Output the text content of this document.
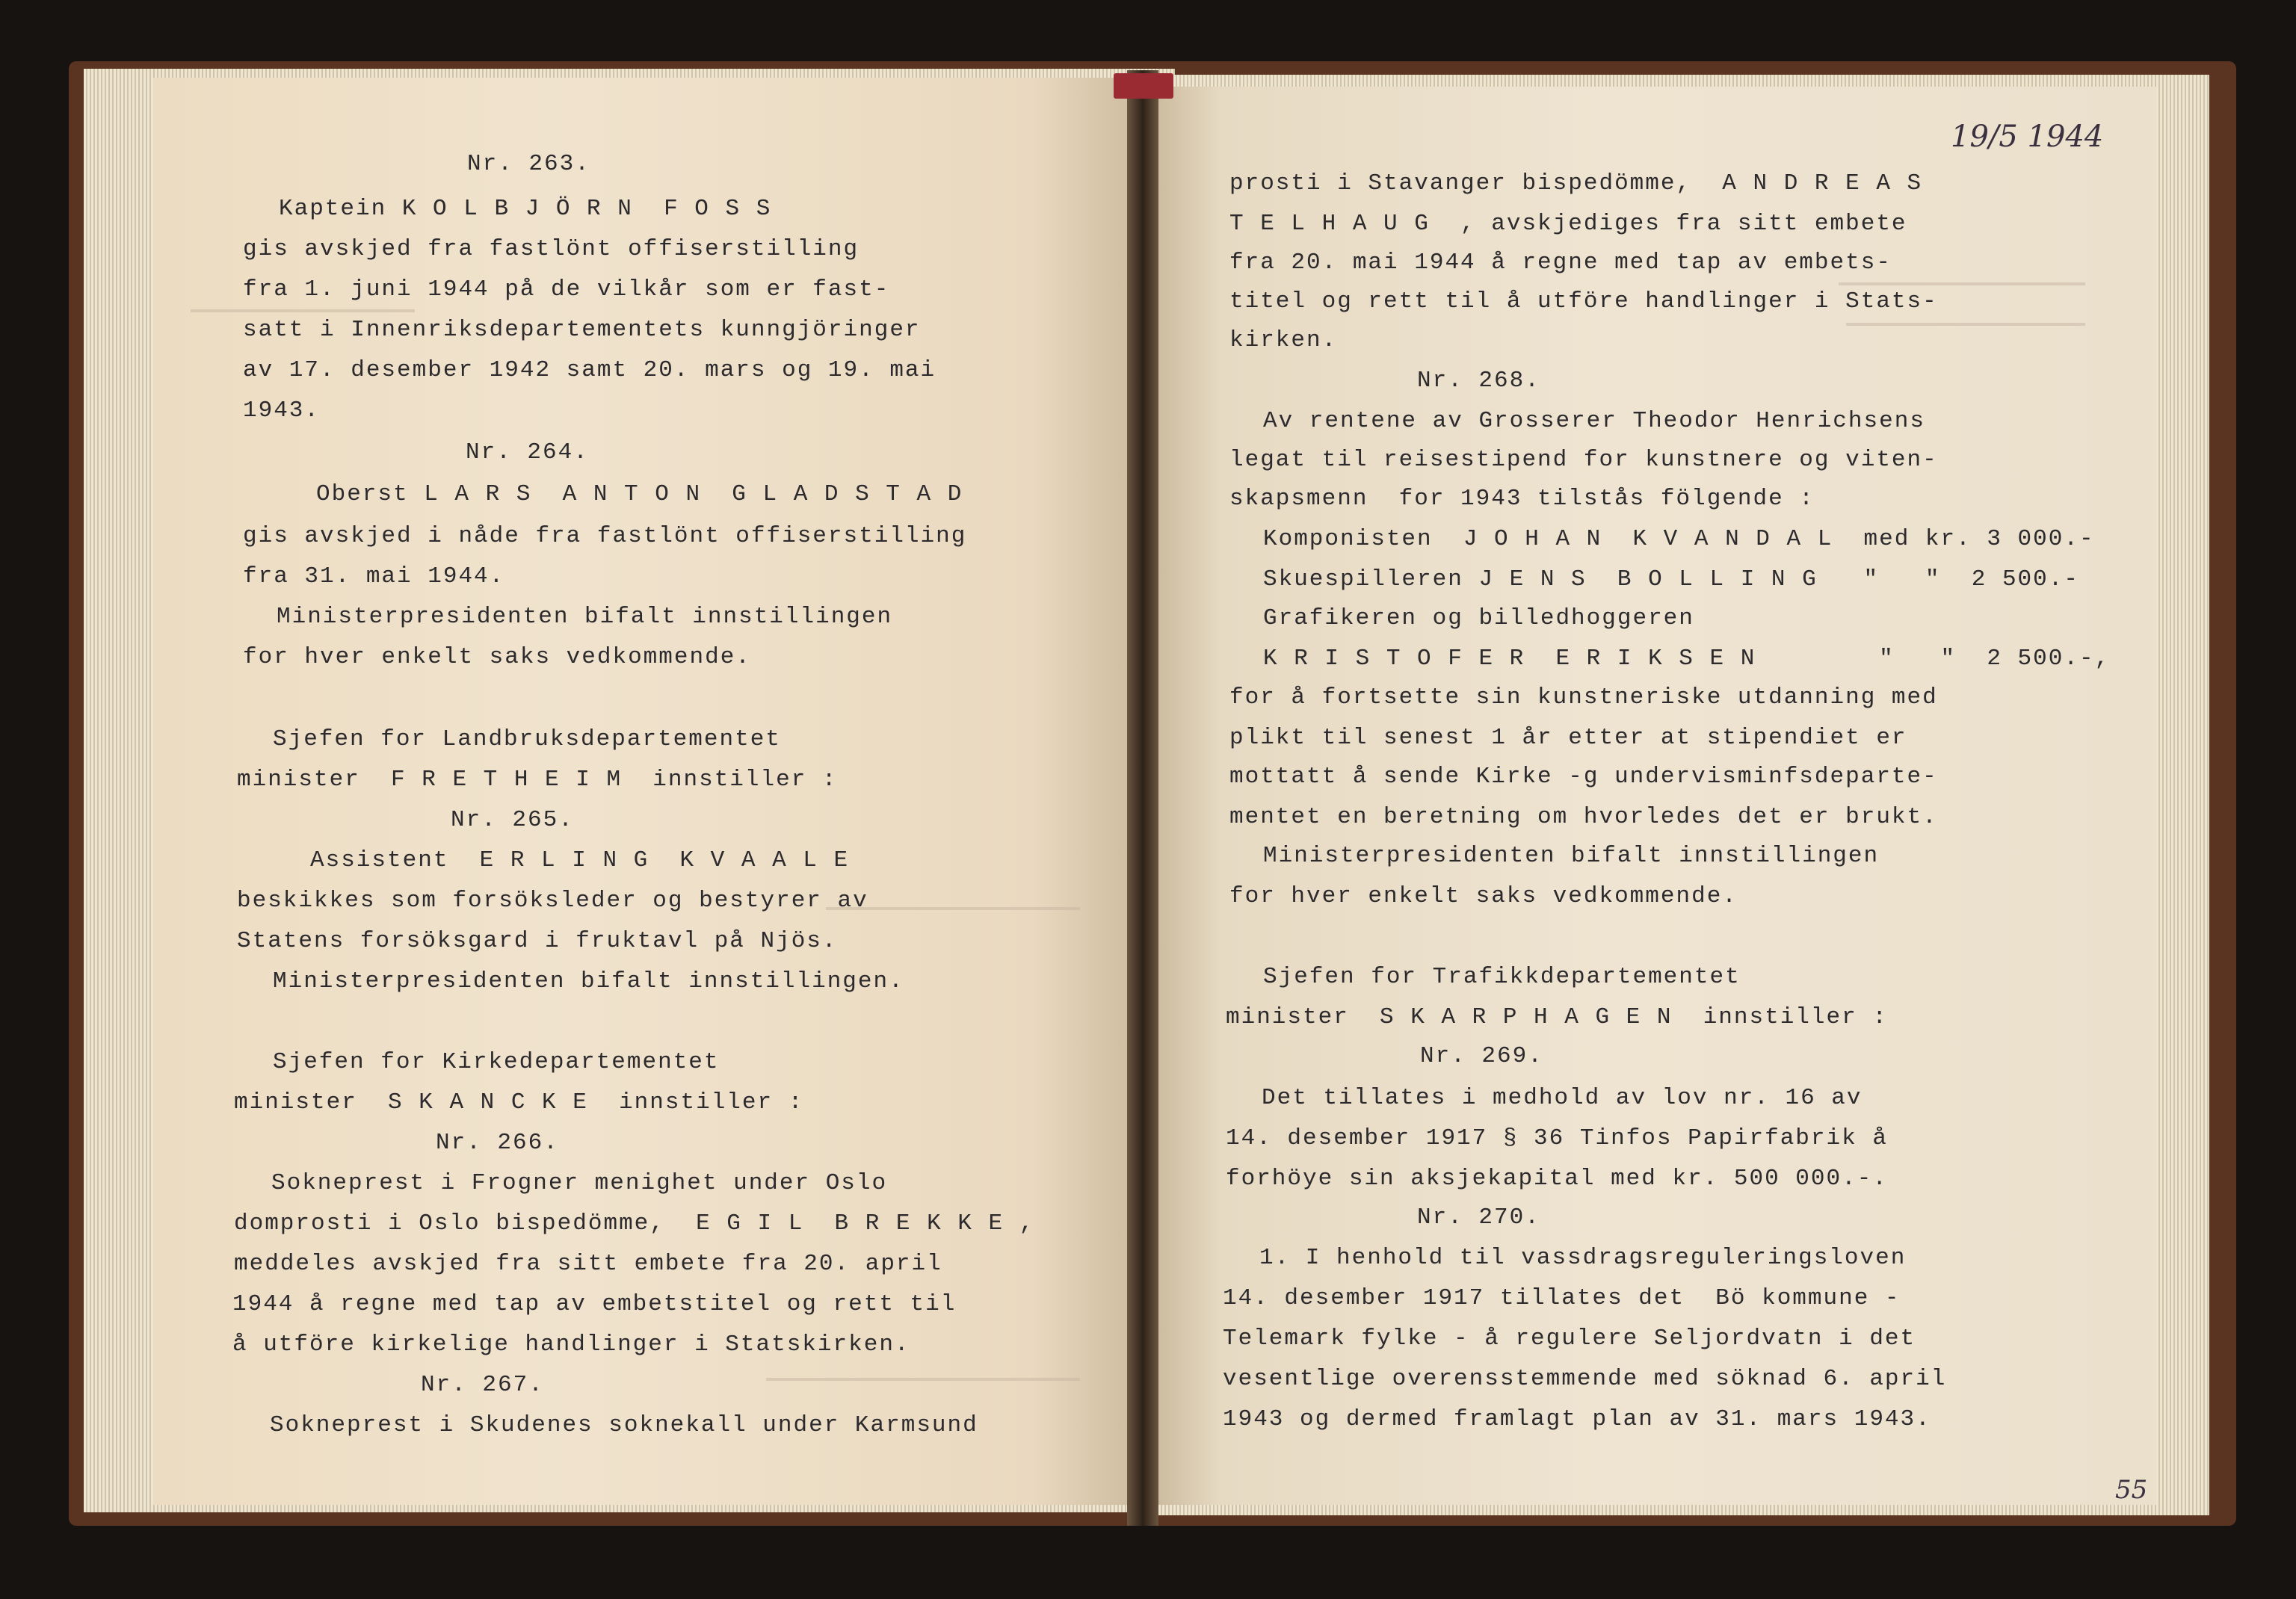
Nr. 263.
Kaptein K O L B J Ö R N  F O S S
gis avskjed fra fastlönt offiserstilling
fra 1. juni 1944 på de vilkår som er fast-
satt i Innenriksdepartementets kunngjöringer
av 17. desember 1942 samt 20. mars og 19. mai
1943.
Nr. 264.
Oberst L A R S  A N T O N  G L A D S T A D
gis avskjed i nåde fra fastlönt offiserstilling
fra 31. mai 1944.
Ministerpresidenten bifalt innstillingen
for hver enkelt saks vedkommende.
Sjefen for Landbruksdepartementet
minister  F R E T H E I M  innstiller :
Nr. 265.
Assistent  E R L I N G  K V A A L E
beskikkes som forsöksleder og bestyrer av
Statens forsöksgard i fruktavl på Njös.
Ministerpresidenten bifalt innstillingen.
Sjefen for Kirkedepartementet
minister  S K A N C K E  innstiller :
Nr. 266.
Sokneprest i Frogner menighet under Oslo
domprosti i Oslo bispedömme,  E G I L  B R E K K E ,
meddeles avskjed fra sitt embete fra 20. april
1944 å regne med tap av embetstitel og rett til
å utföre kirkelige handlinger i Statskirken.
Nr. 267.
Sokneprest i Skudenes soknekall under Karmsund
19/5 1944
55
prosti i Stavanger bispedömme,  A N D R E A S
T E L H A U G  , avskjediges fra sitt embete
fra 20. mai 1944 å regne med tap av embets-
titel og rett til å utföre handlinger i Stats-
kirken.
Nr. 268.
Av rentene av Grosserer Theodor Henrichsens
legat til reisestipend for kunstnere og viten-
skapsmenn  for 1943 tilstås fölgende :
Komponisten  J O H A N  K V A N D A L  med kr. 3 000.-
Skuespilleren J E N S  B O L L I N G   "   "  2 500.-
Grafikeren og billedhoggeren
K R I S T O F E R  E R I K S E N        "   "  2 500.-,
for å fortsette sin kunstneriske utdanning med
plikt til senest 1 år etter at stipendiet er
mottatt å sende Kirke -g undervisminfsdeparte-
mentet en beretning om hvorledes det er brukt.
Ministerpresidenten bifalt innstillingen
for hver enkelt saks vedkommende.
Sjefen for Trafikkdepartementet
minister  S K A R P H A G E N  innstiller :
Nr. 269.
Det tillates i medhold av lov nr. 16 av
14. desember 1917 § 36 Tinfos Papirfabrik å
forhöye sin aksjekapital med kr. 500 000.-.
Nr. 270.
1. I henhold til vassdragsreguleringsloven
14. desember 1917 tillates det  Bö kommune -
Telemark fylke - å regulere Seljordvatn i det
vesentlige overensstemmende med söknad 6. april
1943 og dermed framlagt plan av 31. mars 1943.
